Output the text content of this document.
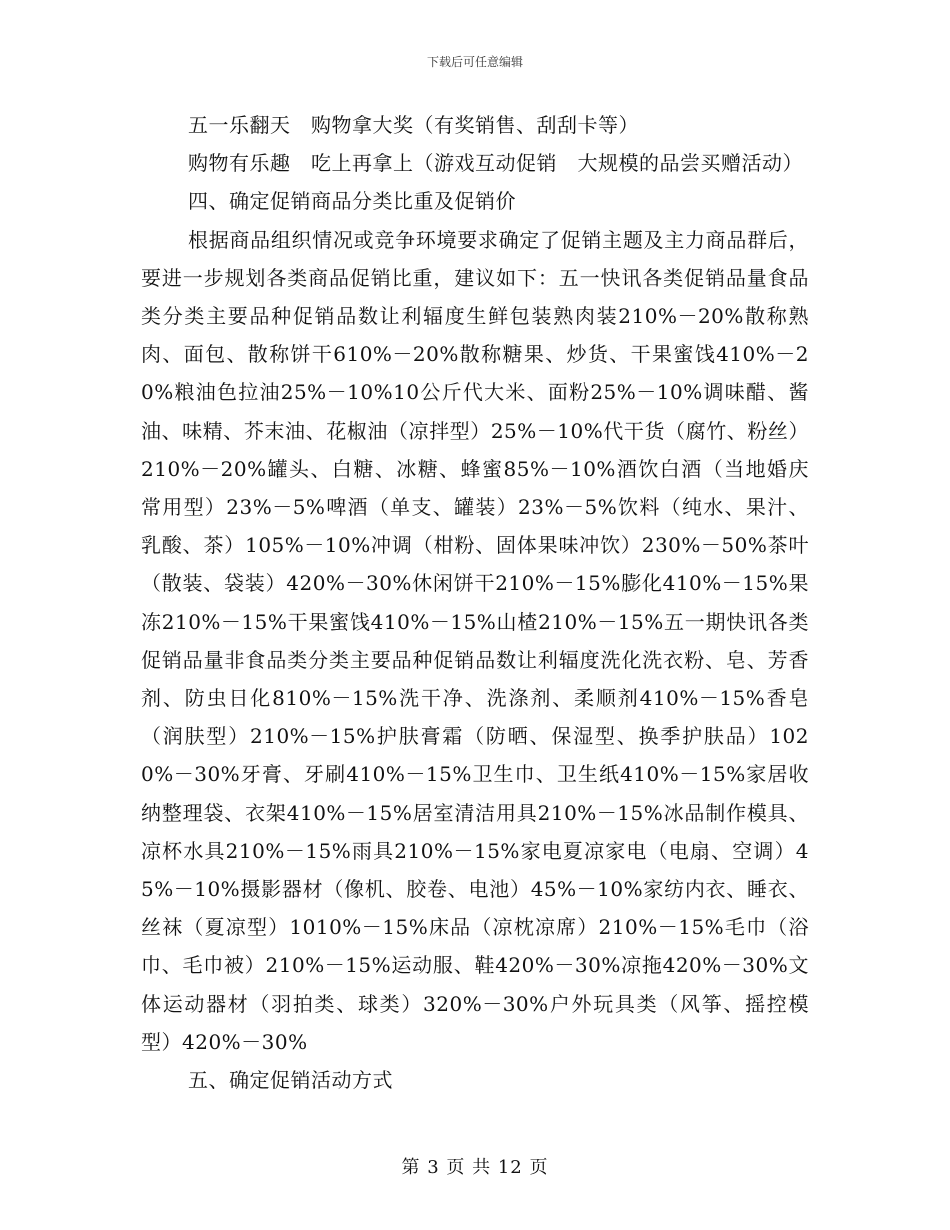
下载后可任意编辑

五一乐翻天　购物拿大奖（有奖销售、刮刮卡等）

购物有乐趣　吃上再拿上（游戏互动促销　大规模的品尝买赠活动）

四、确定促销商品分类比重及促销价

根据商品组织情况或竞争环境要求确定了促销主题及主力商品群后，要进一步规划各类商品促销比重，建议如下：五一快讯各类促销品量食品类分类主要品种促销品数让利辐度生鲜包装熟肉装210%－20%散称熟肉、面包、散称饼干610%－20%散称糖果、炒货、干果蜜饯410%－20%粮油色拉油25%－10%10公斤代大米、面粉25%－10%调味醋、酱油、味精、芥末油、花椒油（凉拌型）25%－10%代干货（腐竹、粉丝）210%－20%罐头、白糖、冰糖、蜂蜜85%－10%酒饮白酒（当地婚庆常用型）23%－5%啤酒（单支、罐装）23%－5%饮料（纯水、果汁、乳酸、茶）105%－10%冲调（柑粉、固体果味冲饮）230%－50%茶叶（散装、袋装）420%－30%休闲饼干210%－15%膨化410%－15%果冻210%－15%干果蜜饯410%－15%山楂210%－15%五一期快讯各类促销品量非食品类分类主要品种促销品数让利辐度洗化洗衣粉、皂、芳香剂、防虫日化810%－15%洗干净、洗涤剂、柔顺剂410%－15%香皂（润肤型）210%－15%护肤膏霜（防晒、保湿型、换季护肤品）1020%－30%牙膏、牙刷410%－15%卫生巾、卫生纸410%－15%家居收纳整理袋、衣架410%－15%居室清洁用具210%－15%冰品制作模具、凉杯水具210%－15%雨具210%－15%家电夏凉家电（电扇、空调）45%－10%摄影器材（像机、胶卷、电池）45%－10%家纺内衣、睡衣、丝袜（夏凉型）1010%－15%床品（凉枕凉席）210%－15%毛巾（浴巾、毛巾被）210%－15%运动服、鞋420%－30%凉拖420%－30%文体运动器材（羽拍类、球类）320%－30%户外玩具类（风筝、摇控模型）420%－30%

五、确定促销活动方式

第 3 页 共 12 页
